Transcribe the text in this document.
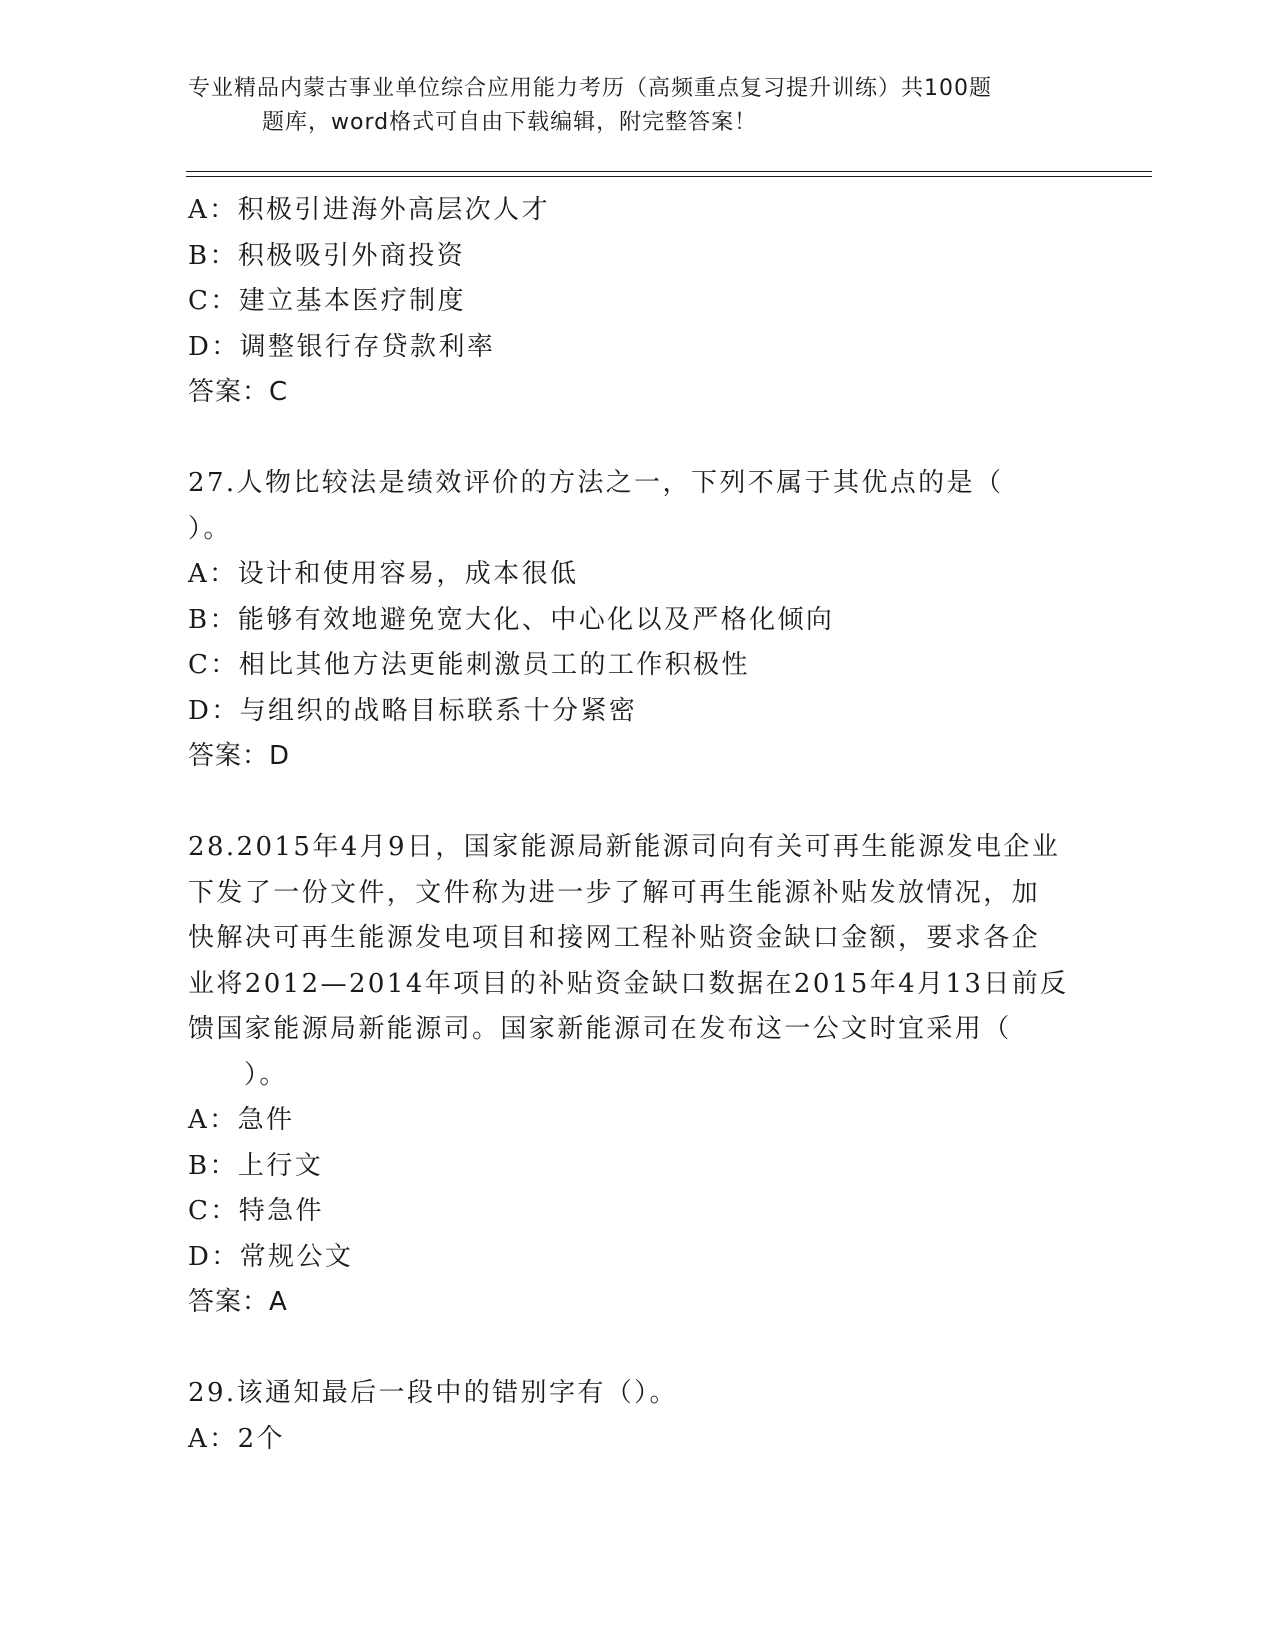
专业精品内蒙古事业单位综合应用能力考历（高频重点复习提升训练）共100题
题库，word格式可自由下载编辑，附完整答案！
A：积极引进海外高层次人才
B：积极吸引外商投资
C：建立基本医疗制度
D：调整银行存贷款利率
答案：C
27.人物比较法是绩效评价的方法之一，下列不属于其优点的是（
）。
A：设计和使用容易，成本很低
B：能够有效地避免宽大化、中心化以及严格化倾向
C：相比其他方法更能刺激员工的工作积极性
D：与组织的战略目标联系十分紧密
答案：D
28.2015年4月9日，国家能源局新能源司向有关可再生能源发电企业
下发了一份文件，文件称为进一步了解可再生能源补贴发放情况，加
快解决可再生能源发电项目和接网工程补贴资金缺口金额，要求各企
业将2012—2014年项目的补贴资金缺口数据在2015年4月13日前反
馈国家能源局新能源司。国家新能源司在发布这一公文时宜采用（
）。
A：急件
B：上行文
C：特急件
D：常规公文
答案：A
29.该通知最后一段中的错别字有（）。
A：2个
